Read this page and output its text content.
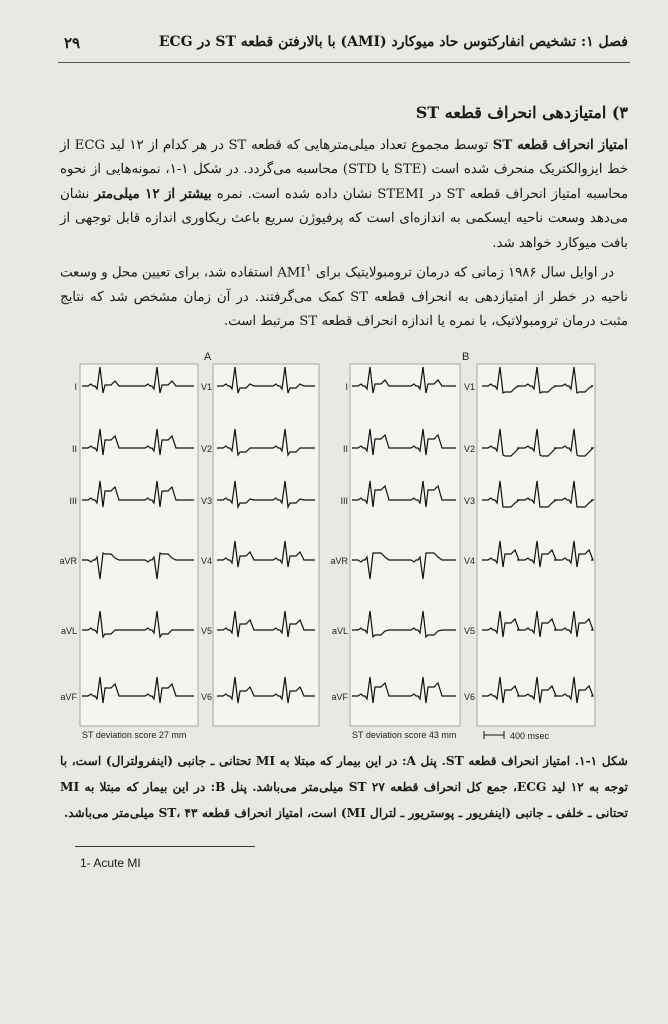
۲۹	فصل ۱: تشخیص انفارکتوس حاد میوکارد (AMI) با بالارفتن قطعه ST در ECG
۳) امتیازدهی انحراف قطعه ST

امتیاز انحراف قطعه ST توسط مجموع تعداد میلی‌مترهایی که قطعه ST در هر کدام از ۱۲ لید ECG از خط ایزوالکتریک منحرف شده است (STE یا STD) محاسبه می‌گردد. در شکل ۱-۱، نمونه‌هایی از نحوه محاسبه امتیاز انحراف قطعه ST در STEMI نشان داده شده است. نمره بیشتر از ۱۲ میلی‌متر نشان می‌دهد وسعت ناحیه ایسکمی به اندازه‌ای است که پرفیوژن سریع باعث ریکاوری اندازه قابل توجهی از بافت میوکارد خواهد شد.

در اوایل سال ۱۹۸۶ زمانی که درمان ترومبولایتیک برای AMI$^۱$ استفاده شد، برای تعیین محل و وسعت ناحیه در خطر از امتیازدهی به انحراف قطعه ST کمک می‌گرفتند. در آن زمان مشخص شد که نتایج مثبت درمان ترومبولاتیک، با نمره یا اندازه انحراف قطعه ST مرتبط است.

A	B
I	V1	I	V1
II	V2	II	V2
III	V3	III	V3
aVR	V4	aVR	V4
aVL	V5	aVL	V5
aVF	V6	aVF	V6
ST deviation score 27 mm	ST deviation score 43 mm	400 msec
شکل ۱-۱. امتیاز انحراف قطعه ST. پنل A: در این بیمار که مبتلا به MI تحتانی ـ جانبی (اینفرولترال) است، با توجه به ۱۲ لید ECG، جمع کل انحراف قطعه ST ۲۷ میلی‌متر می‌باشد. پنل B: در این بیمار که مبتلا به MI تحتانی ـ خلفی ـ جانبی (اینفریور ـ پوستریور ـ لترال MI) است، امتیاز انحراف قطعه ST، ۴۳ میلی‌متر می‌باشد.
1- Acute MI
